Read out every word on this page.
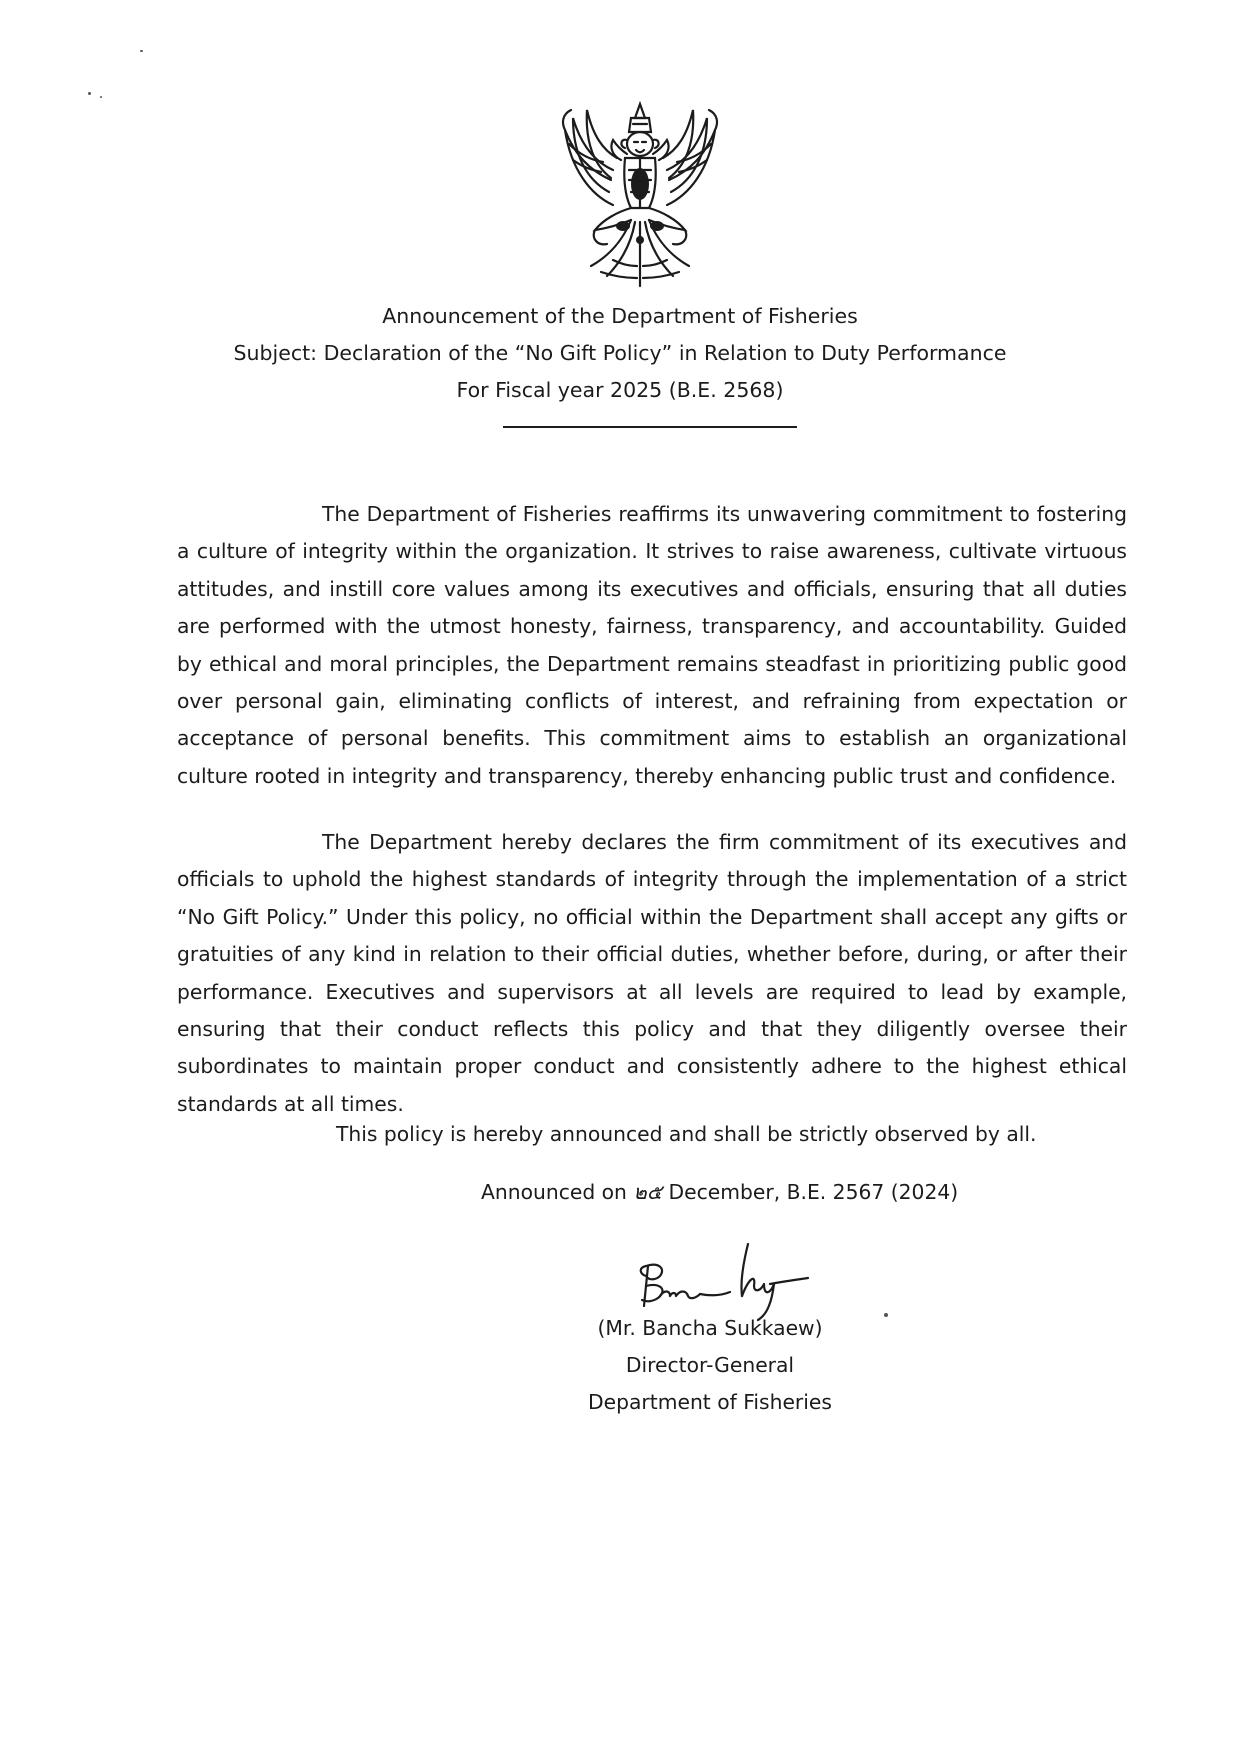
Announcement of the Department of Fisheries
Subject: Declaration of the “No Gift Policy” in Relation to Duty Performance
For Fiscal year 2025 (B.E. 2568)
The Department of Fisheries reaffirms its unwavering commitment to fostering a culture of integrity within the organization. It strives to raise awareness, cultivate virtuous attitudes, and instill core values among its executives and officials, ensuring that all duties are performed with the utmost honesty, fairness, transparency, and accountability. Guided by ethical and moral principles, the Department remains steadfast in prioritizing public good over personal gain, eliminating conflicts of interest, and refraining from expectation or acceptance of personal benefits. This commitment aims to establish an organizational culture rooted in integrity and transparency, thereby enhancing public trust and confidence.
The Department hereby declares the firm commitment of its executives and officials to uphold the highest standards of integrity through the implementation of a strict “No Gift Policy.” Under this policy, no official within the Department shall accept any gifts or gratuities of any kind in relation to their official duties, whether before, during, or after their performance. Executives and supervisors at all levels are required to lead by example, ensuring that their conduct reflects this policy and that they diligently oversee their subordinates to maintain proper conduct and consistently adhere to the highest ethical standards at all times.
This policy is hereby announced and shall be strictly observed by all.
Announced on ๒๕ December, B.E. 2567 (2024)
(Mr. Bancha Sukkaew)
Director-General
Department of Fisheries
